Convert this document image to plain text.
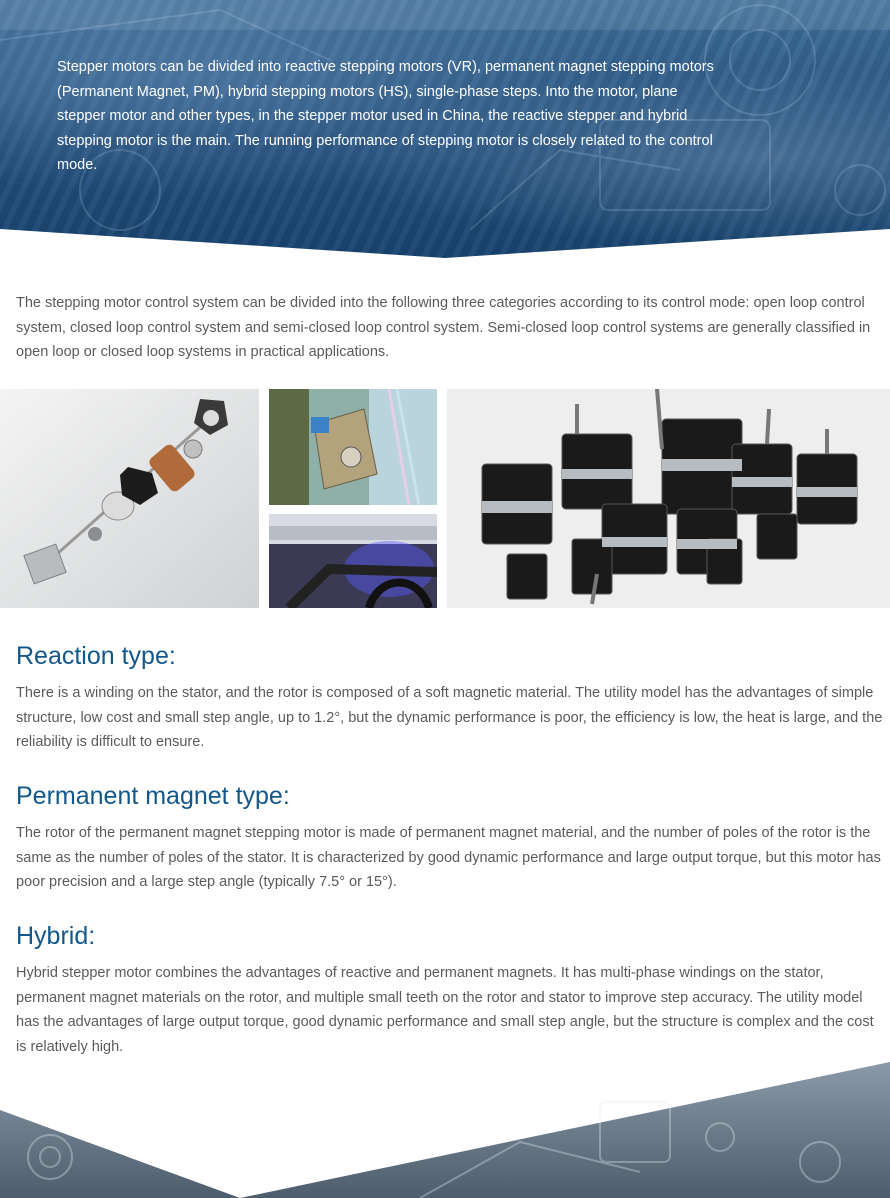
Stepper motors can be divided into reactive stepping motors (VR), permanent magnet stepping motors (Permanent Magnet, PM), hybrid stepping motors (HS), single-phase steps. Into the motor, plane stepper motor and other types, in the stepper motor used in China, the reactive stepper and hybrid stepping motor is the main. The running performance of stepping motor is closely related to the control mode.

The stepping motor control system can be divided into the following three categories according to its control mode: open loop control system, closed loop control system and semi-closed loop control system. Semi-closed loop control systems are generally classified in open loop or closed loop systems in practical applications.

Reaction type:

There is a winding on the stator, and the rotor is composed of a soft magnetic material. The utility model has the advantages of simple structure, low cost and small step angle, up to 1.2°, but the dynamic performance is poor, the efficiency is low, the heat is large, and the reliability is difficult to ensure.

Permanent magnet type:

The rotor of the permanent magnet stepping motor is made of permanent magnet material, and the number of poles of the rotor is the same as the number of poles of the stator. It is characterized by good dynamic performance and large output torque, but this motor has poor precision and a large step angle (typically 7.5° or 15°).

Hybrid:

Hybrid stepper motor combines the advantages of reactive and permanent magnets. It has multi-phase windings on the stator, permanent magnet materials on the rotor, and multiple small teeth on the rotor and stator to improve step accuracy. The utility model has the advantages of large output torque, good dynamic performance and small step angle, but the structure is complex and the cost is relatively high.
